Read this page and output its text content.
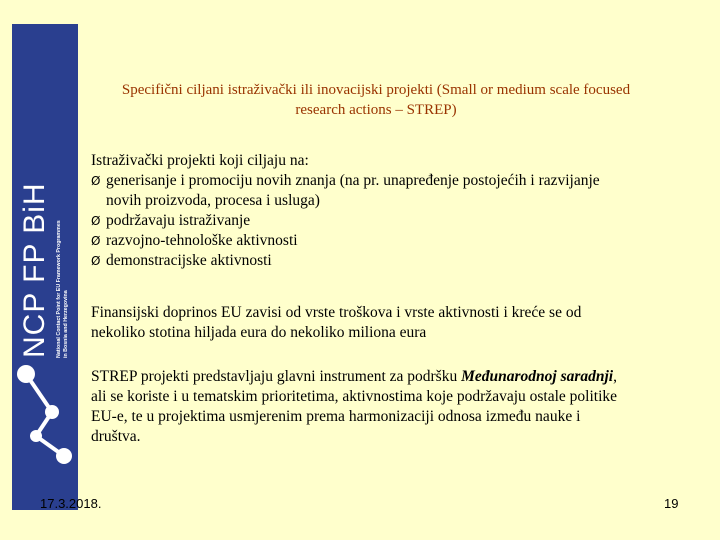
NCP FP BiH National Contact Point for EU Framework Programmes in Bosnia and Herzegovina
Specifični ciljani istraživački ili inovacijski projekti (Small or medium scale focused
research actions – STREP)
Istraživački projekti koji ciljaju na:
Ø generisanje i promociju novih znanja (na pr. unapređenje postojećih i razvijanje
novih proizvoda, procesa i usluga)
Ø podržavaju istraživanje
Ø razvojno-tehnološke aktivnosti
Ø demonstracijske aktivnosti
Finansijski doprinos EU zavisi od vrste troškova i vrste aktivnosti i kreće se od
nekoliko stotina hiljada eura do nekoliko miliona eura
STREP projekti predstavljaju glavni instrument za podršku Međunarodnoj saradnji,
ali se koriste i u tematskim prioritetima, aktivnostima koje podržavaju ostale politike
EU-e, te u projektima usmjerenim prema harmonizaciji odnosa između nauke i
društva.
17.3.2018.	19
